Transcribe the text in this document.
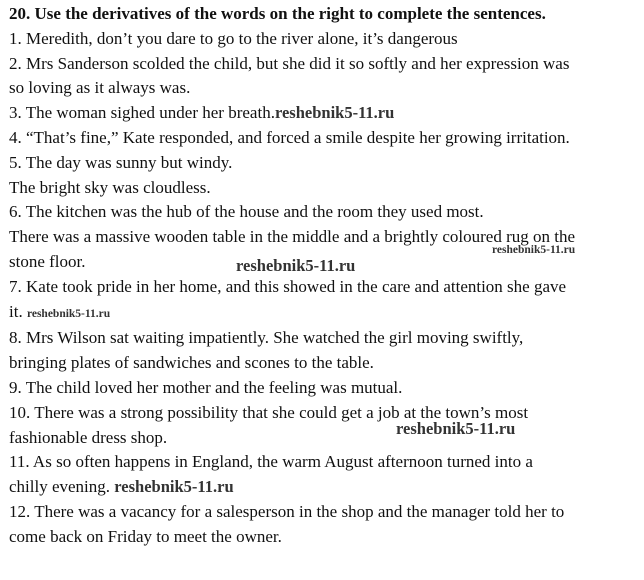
20. Use the derivatives of the words on the right to complete the sentences.
1. Meredith, don’t you dare to go to the river alone, it’s dangerous
2. Mrs Sanderson scolded the child, but she did it so softly and her expression was
so loving as it always was.
3. The woman sighed under her breath.reshebnik5-11.ru
4. “That’s fine,” Kate responded, and forced a smile despite her growing irritation.
5. The day was sunny but windy.
The bright sky was cloudless.
6. The kitchen was the hub of the house and the room they used most.
There was a massive wooden table in the middle and a brightly coloured rug on the
stone floor.
7. Kate took pride in her home, and this showed in the care and attention she gave
it. reshebnik5-11.ru
8. Mrs Wilson sat waiting impatiently. She watched the girl moving swiftly,
bringing plates of sandwiches and scones to the table.
9. The child loved her mother and the feeling was mutual.
10. There was a strong possibility that she could get a job at the town’s most
fashionable dress shop.
11. As so often happens in England, the warm August afternoon turned into a
chilly evening. reshebnik5-11.ru
12. There was a vacancy for a salesperson in the shop and the manager told her to
come back on Friday to meet the owner.
reshebnik5-11.ru
reshebnik5-11.ru
reshebnik5-11.ru
